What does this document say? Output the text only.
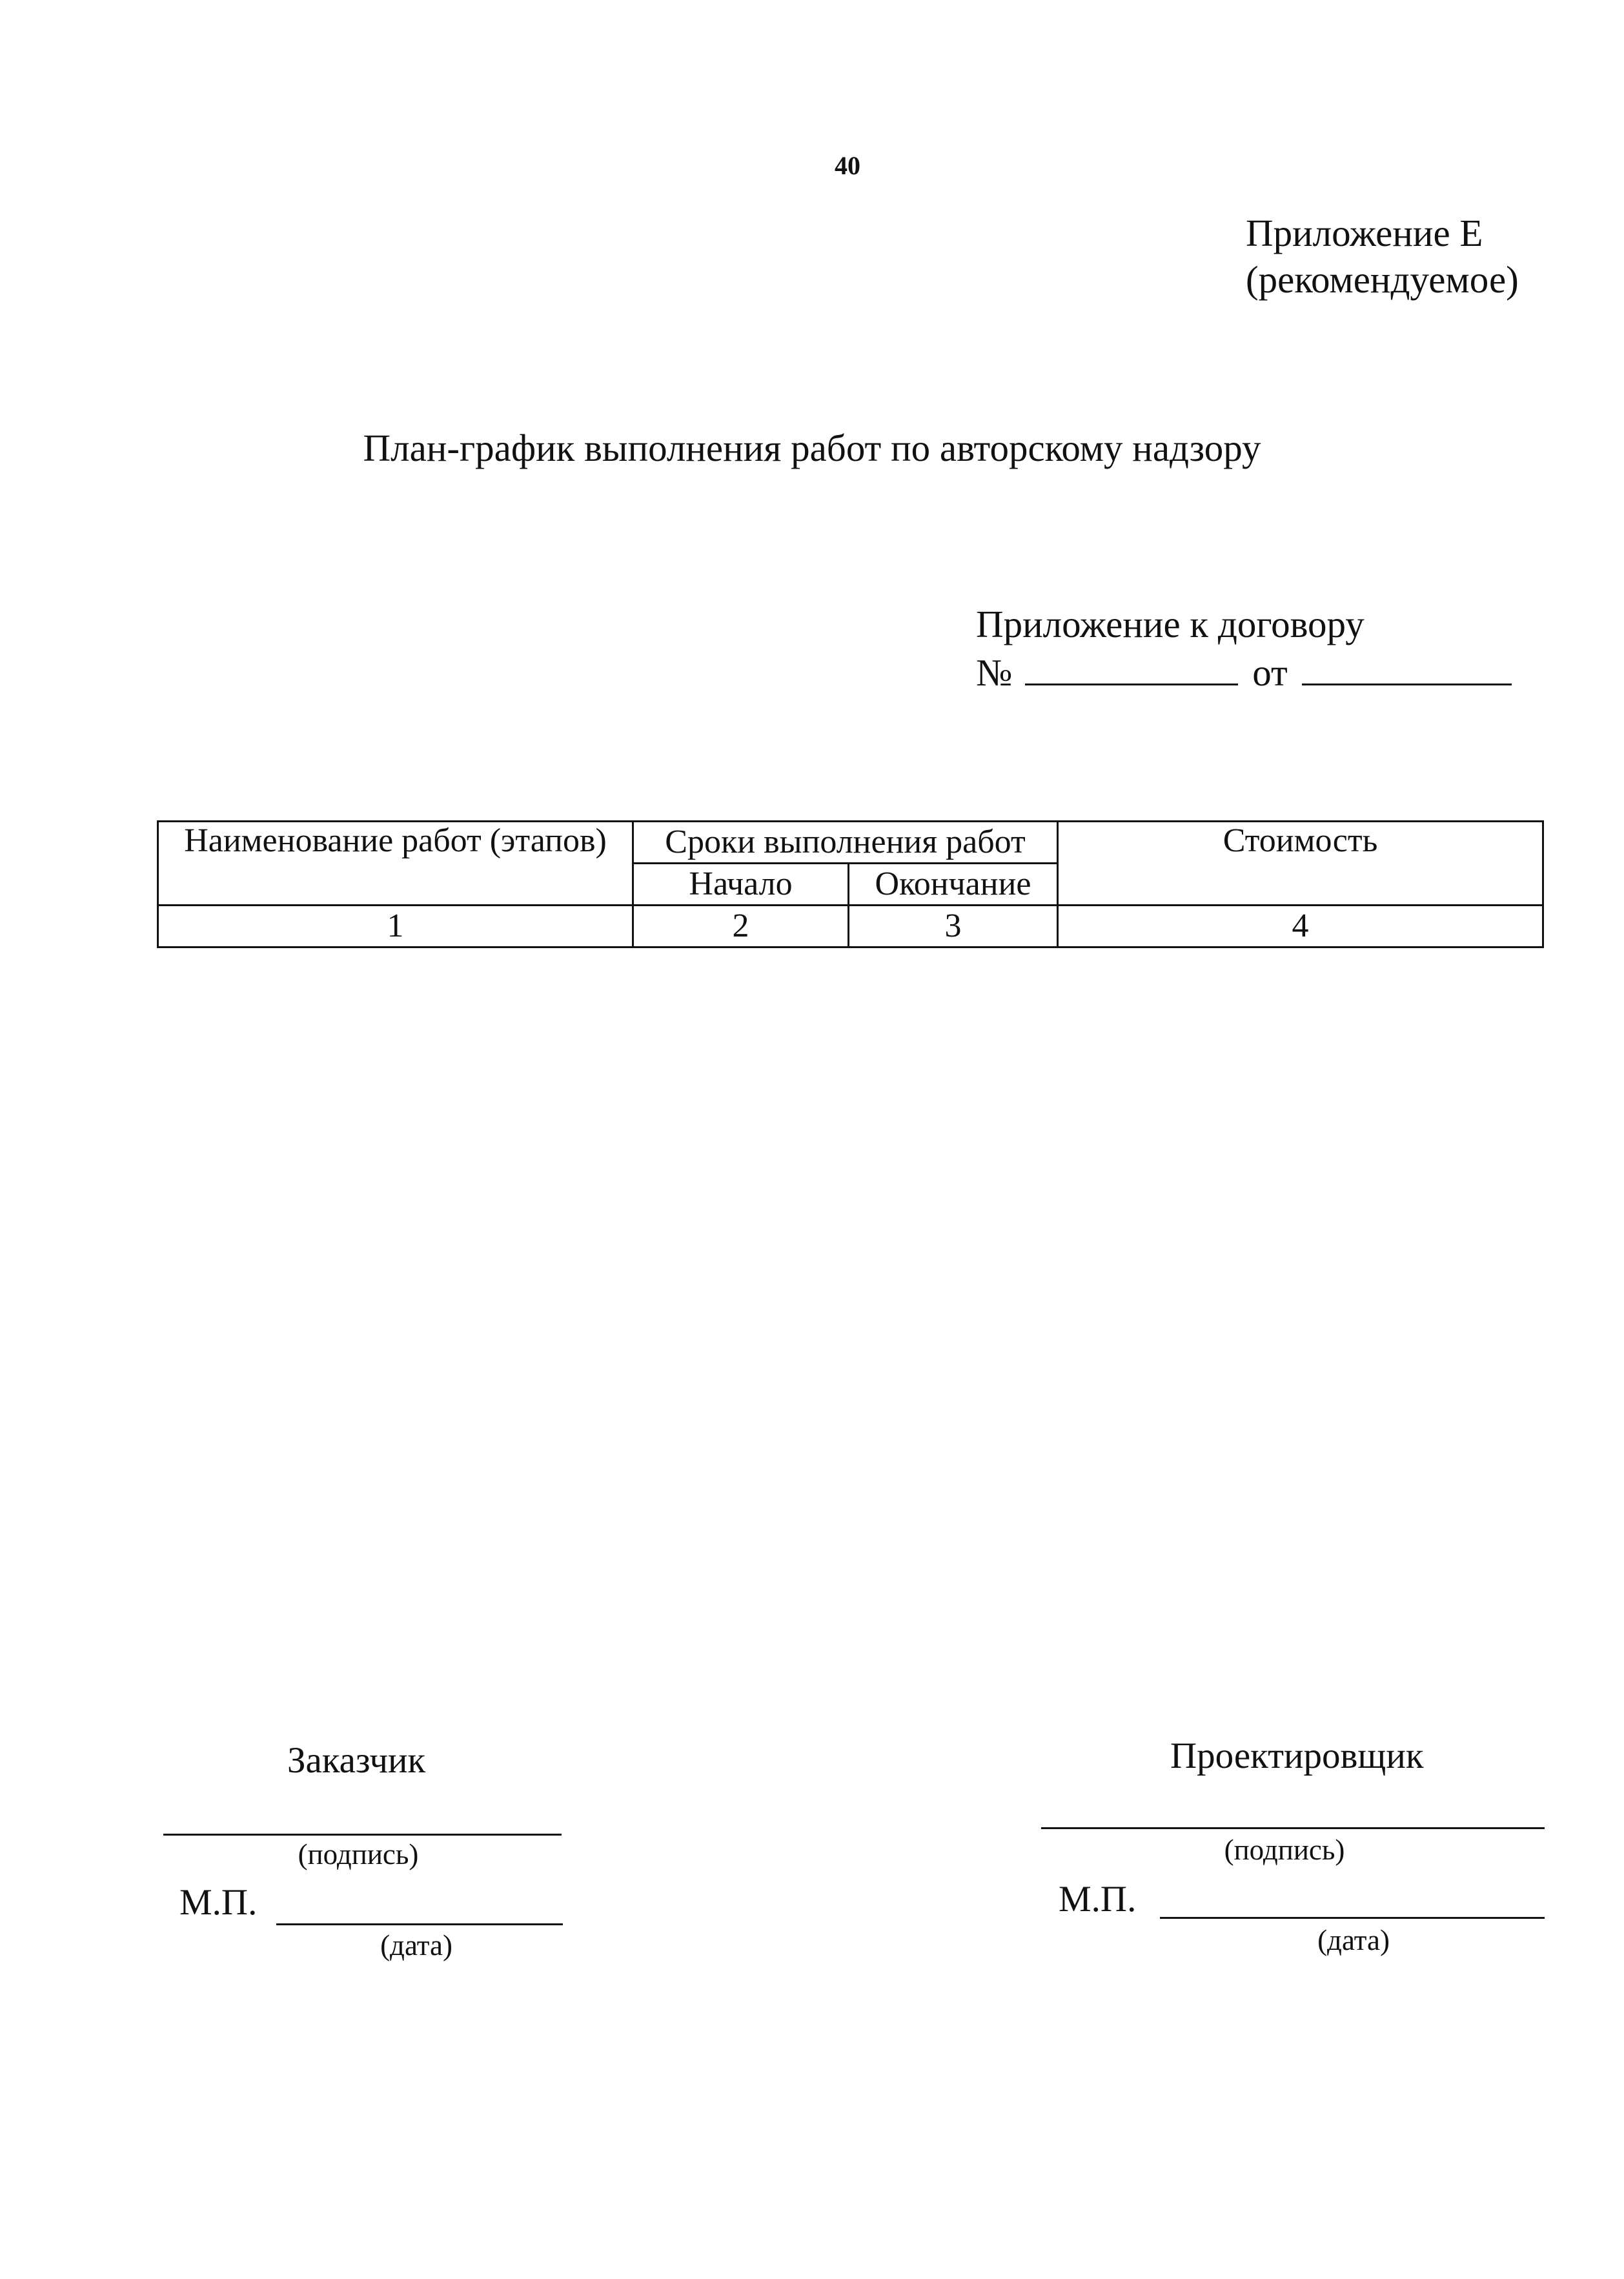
40
Приложение Е
(рекомендуемое)
План-график выполнения работ по авторскому надзору
Приложение к договору
№	от
Наименование работ (этапов)	Сроки выполнения работ		Стоимость
	Начало	Окончание	
1	2	3	4
Заказчик
(подпись)
М.П.
(дата)
Проектировщик
(подпись)
М.П.
(дата)
